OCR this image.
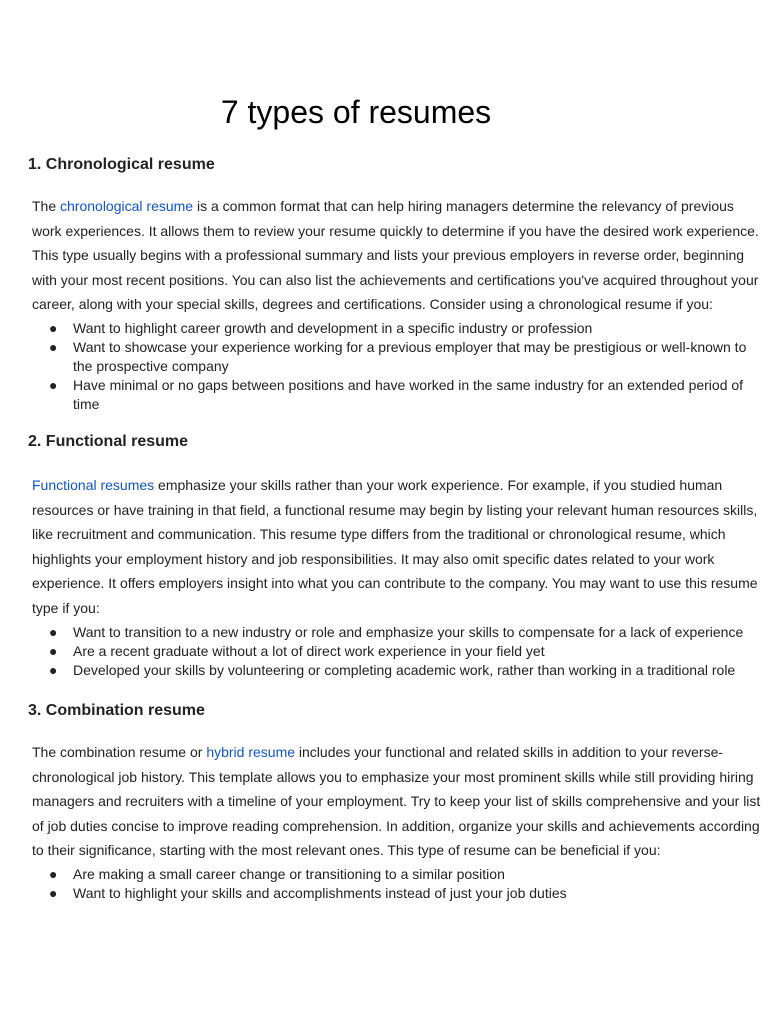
7 types of resumes
1. Chronological resume

The chronological resume is a common format that can help hiring managers determine the relevancy of previous work experiences. It allows them to review your resume quickly to determine if you have the desired work experience. This type usually begins with a professional summary and lists your previous employers in reverse order, beginning with your most recent positions. You can also list the achievements and certifications you've acquired throughout your career, along with your special skills, degrees and certifications. Consider using a chronological resume if you:

● Want to highlight career growth and development in a specific industry or profession
● Want to showcase your experience working for a previous employer that may be prestigious or well-known to the prospective company
● Have minimal or no gaps between positions and have worked in the same industry for an extended period of time
2. Functional resume

Functional resumes emphasize your skills rather than your work experience. For example, if you studied human resources or have training in that field, a functional resume may begin by listing your relevant human resources skills, like recruitment and communication. This resume type differs from the traditional or chronological resume, which highlights your employment history and job responsibilities. It may also omit specific dates related to your work experience. It offers employers insight into what you can contribute to the company. You may want to use this resume type if you:

● Want to transition to a new industry or role and emphasize your skills to compensate for a lack of experience
● Are a recent graduate without a lot of direct work experience in your field yet
● Developed your skills by volunteering or completing academic work, rather than working in a traditional role
3. Combination resume

The combination resume or hybrid resume includes your functional and related skills in addition to your reverse-chronological job history. This template allows you to emphasize your most prominent skills while still providing hiring managers and recruiters with a timeline of your employment. Try to keep your list of skills comprehensive and your list of job duties concise to improve reading comprehension. In addition, organize your skills and achievements according to their significance, starting with the most relevant ones. This type of resume can be beneficial if you:

● Are making a small career change or transitioning to a similar position
● Want to highlight your skills and accomplishments instead of just your job duties
